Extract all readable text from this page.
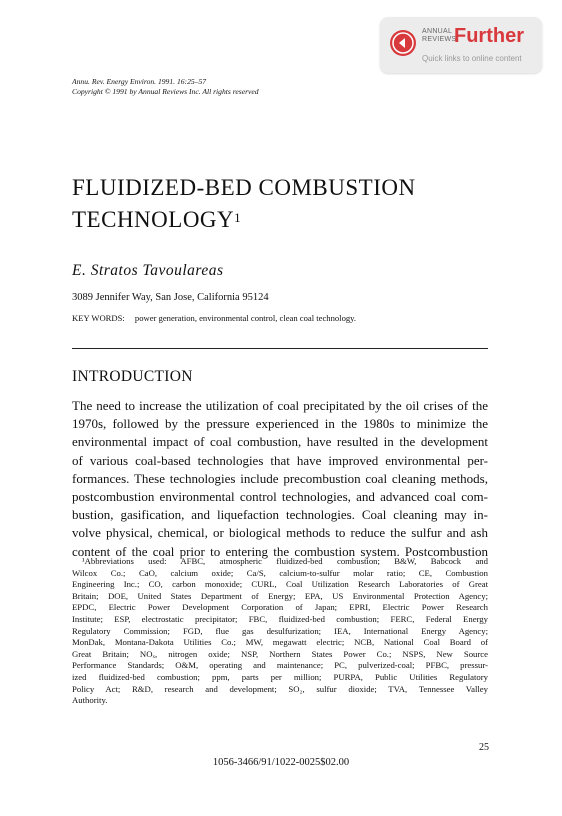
ANNUAL
REVIEWS
Further
Quick links to online content
Annu. Rev. Energy Environ. 1991. 16:25–57
Copyright © 1991 by Annual Reviews Inc. All rights reserved
FLUIDIZED-BED COMBUSTION
TECHNOLOGY$^1$
E. Stratos Tavoulareas
3089 Jennifer Way, San Jose, California 95124
KEY WORDS: power generation, environmental control, clean coal technology.
INTRODUCTION
The need to increase the utilization of coal precipitated by the oil crises of the
1970s, followed by the pressure experienced in the 1980s to minimize the
environmental impact of coal combustion, have resulted in the development
of various coal-based technologies that have improved environmental per-
formances. These technologies include precombustion coal cleaning methods,
postcombustion environmental control technologies, and advanced coal com-
bustion, gasification, and liquefaction technologies. Coal cleaning may in-
volve physical, chemical, or biological methods to reduce the sulfur and ash
content of the coal prior to entering the combustion system. Postcombustion
¹Abbreviations used: AFBC, atmospheric fluidized-bed combustion; B&W, Babcock and
Wilcox Co.; CaO, calcium oxide; Ca/S, calcium-to-sulfur molar ratio; CE, Combustion
Engineering Inc.; CO, carbon monoxide; CURL, Coal Utilization Research Laboratories of Great
Britain; DOE, United States Department of Energy; EPA, US Environmental Protection Agency;
EPDC, Electric Power Development Corporation of Japan; EPRI, Electric Power Research
Institute; ESP, electrostatic precipitator; FBC, fluidized-bed combustion; FERC, Federal Energy
Regulatory Commission; FGD, flue gas desulfurization; IEA, International Energy Agency;
MonDak, Montana-Dakota Utilities Co.; MW, megawatt electric; NCB, National Coal Board of
Great Britain; NOₓ, nitrogen oxide; NSP, Northern States Power Co.; NSPS, New Source
Performance Standards; O&M, operating and maintenance; PC, pulverized-coal; PFBC, pressur-
ized fluidized-bed combustion; ppm, parts per million; PURPA, Public Utilities Regulatory
Policy Act; R&D, research and development; SO₂, sulfur dioxide; TVA, Tennessee Valley
Authority.
25
1056-3466/91/1022-0025$02.00
